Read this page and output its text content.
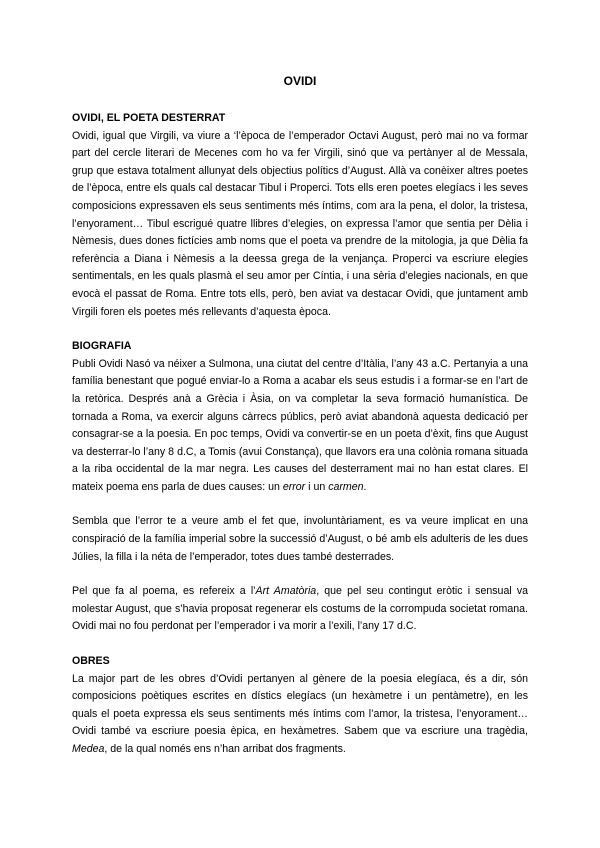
OVIDI
OVIDI, EL POETA DESTERRAT

Ovidi, igual que Virgili, va viure a ‘l’època de l’emperador Octavi August, però mai no va formar part del cercle literari de Mecenes com ho va fer Virgili, sinó que va pertànyer al de Messala, grup que estava totalment allunyat dels objectius polítics d’August. Allà va conèixer altres poetes de l’època, entre els quals cal destacar Tibul i Properci. Tots ells eren poetes elegíacs i les seves composicions expressaven els seus sentiments més íntims, com ara la pena, el dolor, la tristesa, l’enyorament… Tibul escrigué quatre llibres d’elegies, on expressa l’amor que sentia per Dèlia i Nèmesis, dues dones fictícies amb noms que el poeta va prendre de la mitologia, ja que Dèlia fa referència a Diana i Nèmesis a la deessa grega de la venjança. Properci va escriure elegies sentimentals, en les quals plasmà el seu amor per Cíntia, i una sèria d’elegies nacionals, en que evocà el passat de Roma. Entre tots ells, però, ben aviat va destacar Ovidi, que juntament amb Virgili foren els poetes més rellevants d’aquesta època.

BIOGRAFIA

Publi Ovidi Nasó va néixer a Sulmona, una ciutat del centre d’Itàlia, l’any 43 a.C. Pertanyia a una família benestant que pogué enviar-lo a Roma a acabar els seus estudis i a formar-se en l’art de la retòrica. Després anà a Grècia i Àsia, on va completar la seva formació humanística. De tornada a Roma, va exercir alguns càrrecs públics, però aviat abandonà aquesta dedicació per consagrar-se a la poesia. En poc temps, Ovidi va convertir-se en un poeta d’èxit, fins que August va desterrar-lo l’any 8 d.C, a Tomis (avui Constança), que llavors era una colònia romana situada a la riba occidental de la mar negra. Les causes del desterrament mai no han estat clares. El mateix poema ens parla de dues causes: un error i un carmen.

Sembla que l’error te a veure amb el fet que, involuntàriament, es va veure implicat en una conspiració de la família imperial sobre la successió d’August, o bé amb els adulteris de les dues Júlies, la filla i la néta de l’emperador, totes dues també desterrades.

Pel que fa al poema, es refereix a l’Art Amatòria, que pel seu contingut eròtic i sensual va molestar August, que s’havia proposat regenerar els costums de la corrompuda societat romana. Ovidi mai no fou perdonat per l’emperador i va morir a l’exili, l’any 17 d.C.

OBRES

La major part de les obres d’Ovidi pertanyen al gènere de la poesia elegíaca, és a dir, són composicions poètiques escrites en dístics elegíacs (un hexàmetre i un pentàmetre), en les quals el poeta expressa els seus sentiments més íntims com l’amor, la tristesa, l’enyorament… Ovidi també va escriure poesia èpica, en hexàmetres. Sabem que va escriure una tragèdia, Medea, de la qual només ens n’han arribat dos fragments.
